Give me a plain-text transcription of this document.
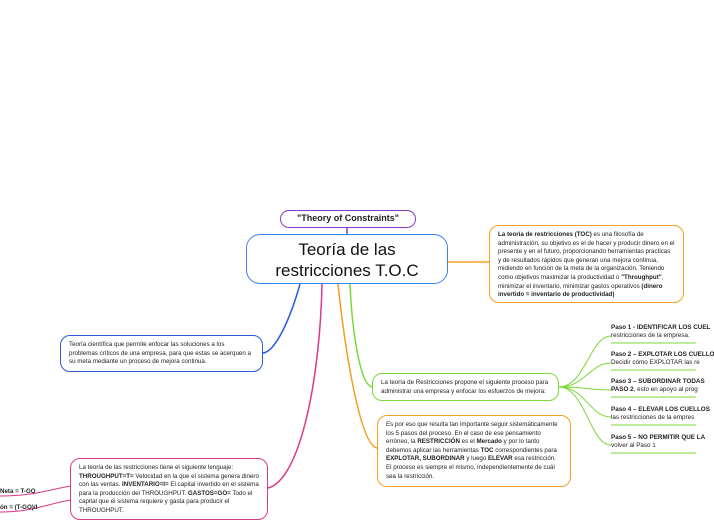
"Theory of Constraints"
Teoría de las
restricciones T.O.C
La teoría de restricciones (TOC) es una filosofía de administración, su objetivo es el de hacer y producir dinero en el presente y en el futuro, proporcionando herramientas practicas y de resultados rápidos que generan una mejora continua, midiendo en función de la meta de la organización. Teniendo como objetivos maximizar la productividad o "Throughput", minimizar el inventario, minimizar gastos operativos (dinero invertido = inventario de productividad)
Teoría científica que permite enfocar las soluciones a los problemas críticos de una empresa, para que estas se acerquen a su meta mediante un proceso de mejora continua.
La teoría de Restricciones propone el siguiente proceso para administrar una empresa y enfocar los esfuerzos de mejora:
Es por eso que resulta tan importante seguir sistemáticamente los 5 pasos del proceso. En el caso de ese pensamiento erróneo, la RESTRICCIÓN es el Mercado y por lo tanto debemos aplicar las herramientas TOC correspondientes para EXPLOTAR, SUBORDINAR y luego ELEVAR esa restricción. El proceso es siempre el mismo, independientemente de cuál sea la restricción.
La teoría de las restricciones tiene el siguiente lenguaje: THROUGHPUT=T= Velocidad en la que el sistema genera dinero con las ventas. INVENTARIO=I= El capital invertido en el sistema para la producción del THROUGHPUT. GASTOS=GO= Todo el capital que el sistema requiere y gasta para producir el THROUGHPUT.
Neta = T-GO
ón = (T-GO)/I
Paso 1 - IDENTIFICAR LOS CUEL
restricciones de la empresa.
Paso 2 – EXPLOTAR LOS CUELLO
Decidir cómo EXPLOTAR las re
Paso 3 – SUBORDINAR TODAS
PASO 2, esto en apoyo al prog
Paso 4 – ELEVAR LOS CUELLOS
las restricciones de la empres
Paso 5 – NO PERMITIR QUE LA
volver al Paso 1
